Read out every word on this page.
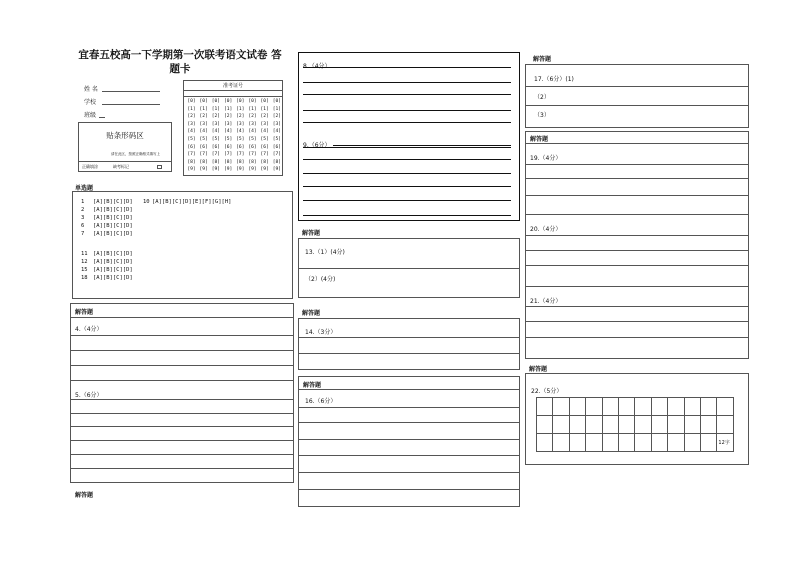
宜春五校高一下学期第一次联考语文试卷 答
题卡
姓 名
学校
班级
贴条形码区
请在此区，按照正确格式填写上
正确填涂	缺考标记
准考证号
[0]
[1]
[2]
[3]
[4]
[5]
[6]
[7]
[8]
[9]
[0]
[1]
[2]
[3]
[4]
[5]
[6]
[7]
[8]
[9]
[0]
[1]
[2]
[3]
[4]
[5]
[6]
[7]
[8]
[9]
[0]
[1]
[2]
[3]
[4]
[5]
[6]
[7]
[8]
[9]
[0]
[1]
[2]
[3]
[4]
[5]
[6]
[7]
[8]
[9]
[0]
[1]
[2]
[3]
[4]
[5]
[6]
[7]
[8]
[9]
[0]
[1]
[2]
[3]
[4]
[5]
[6]
[7]
[8]
[9]
[0]
[1]
[2]
[3]
[4]
[5]
[6]
[7]
[8]
[9]
单选题
1 [A][B][C][D]
2 [A][B][C][D]
3 [A][B][C][D]
6 [A][B][C][D]
7 [A][B][C][D]
11 [A][B][C][D]
12 [A][B][C][D]
15 [A][B][C][D]
18 [A][B][C][D]
10 [A][B][C][D][E][F][G][H]
解答题
4.（4分）
5.（6分）
解答题
8.（4分）
9.（6分）
解答题
13.（1）(4分)
（2）(4分)
解答题
14.（3分）
解答题
16.（6分）
解答题
17.（6分）(1)
（2）
（3）
解答题
19.（4分）
20.（4分）
21.（4分）
解答题
22.（5分）
12字
